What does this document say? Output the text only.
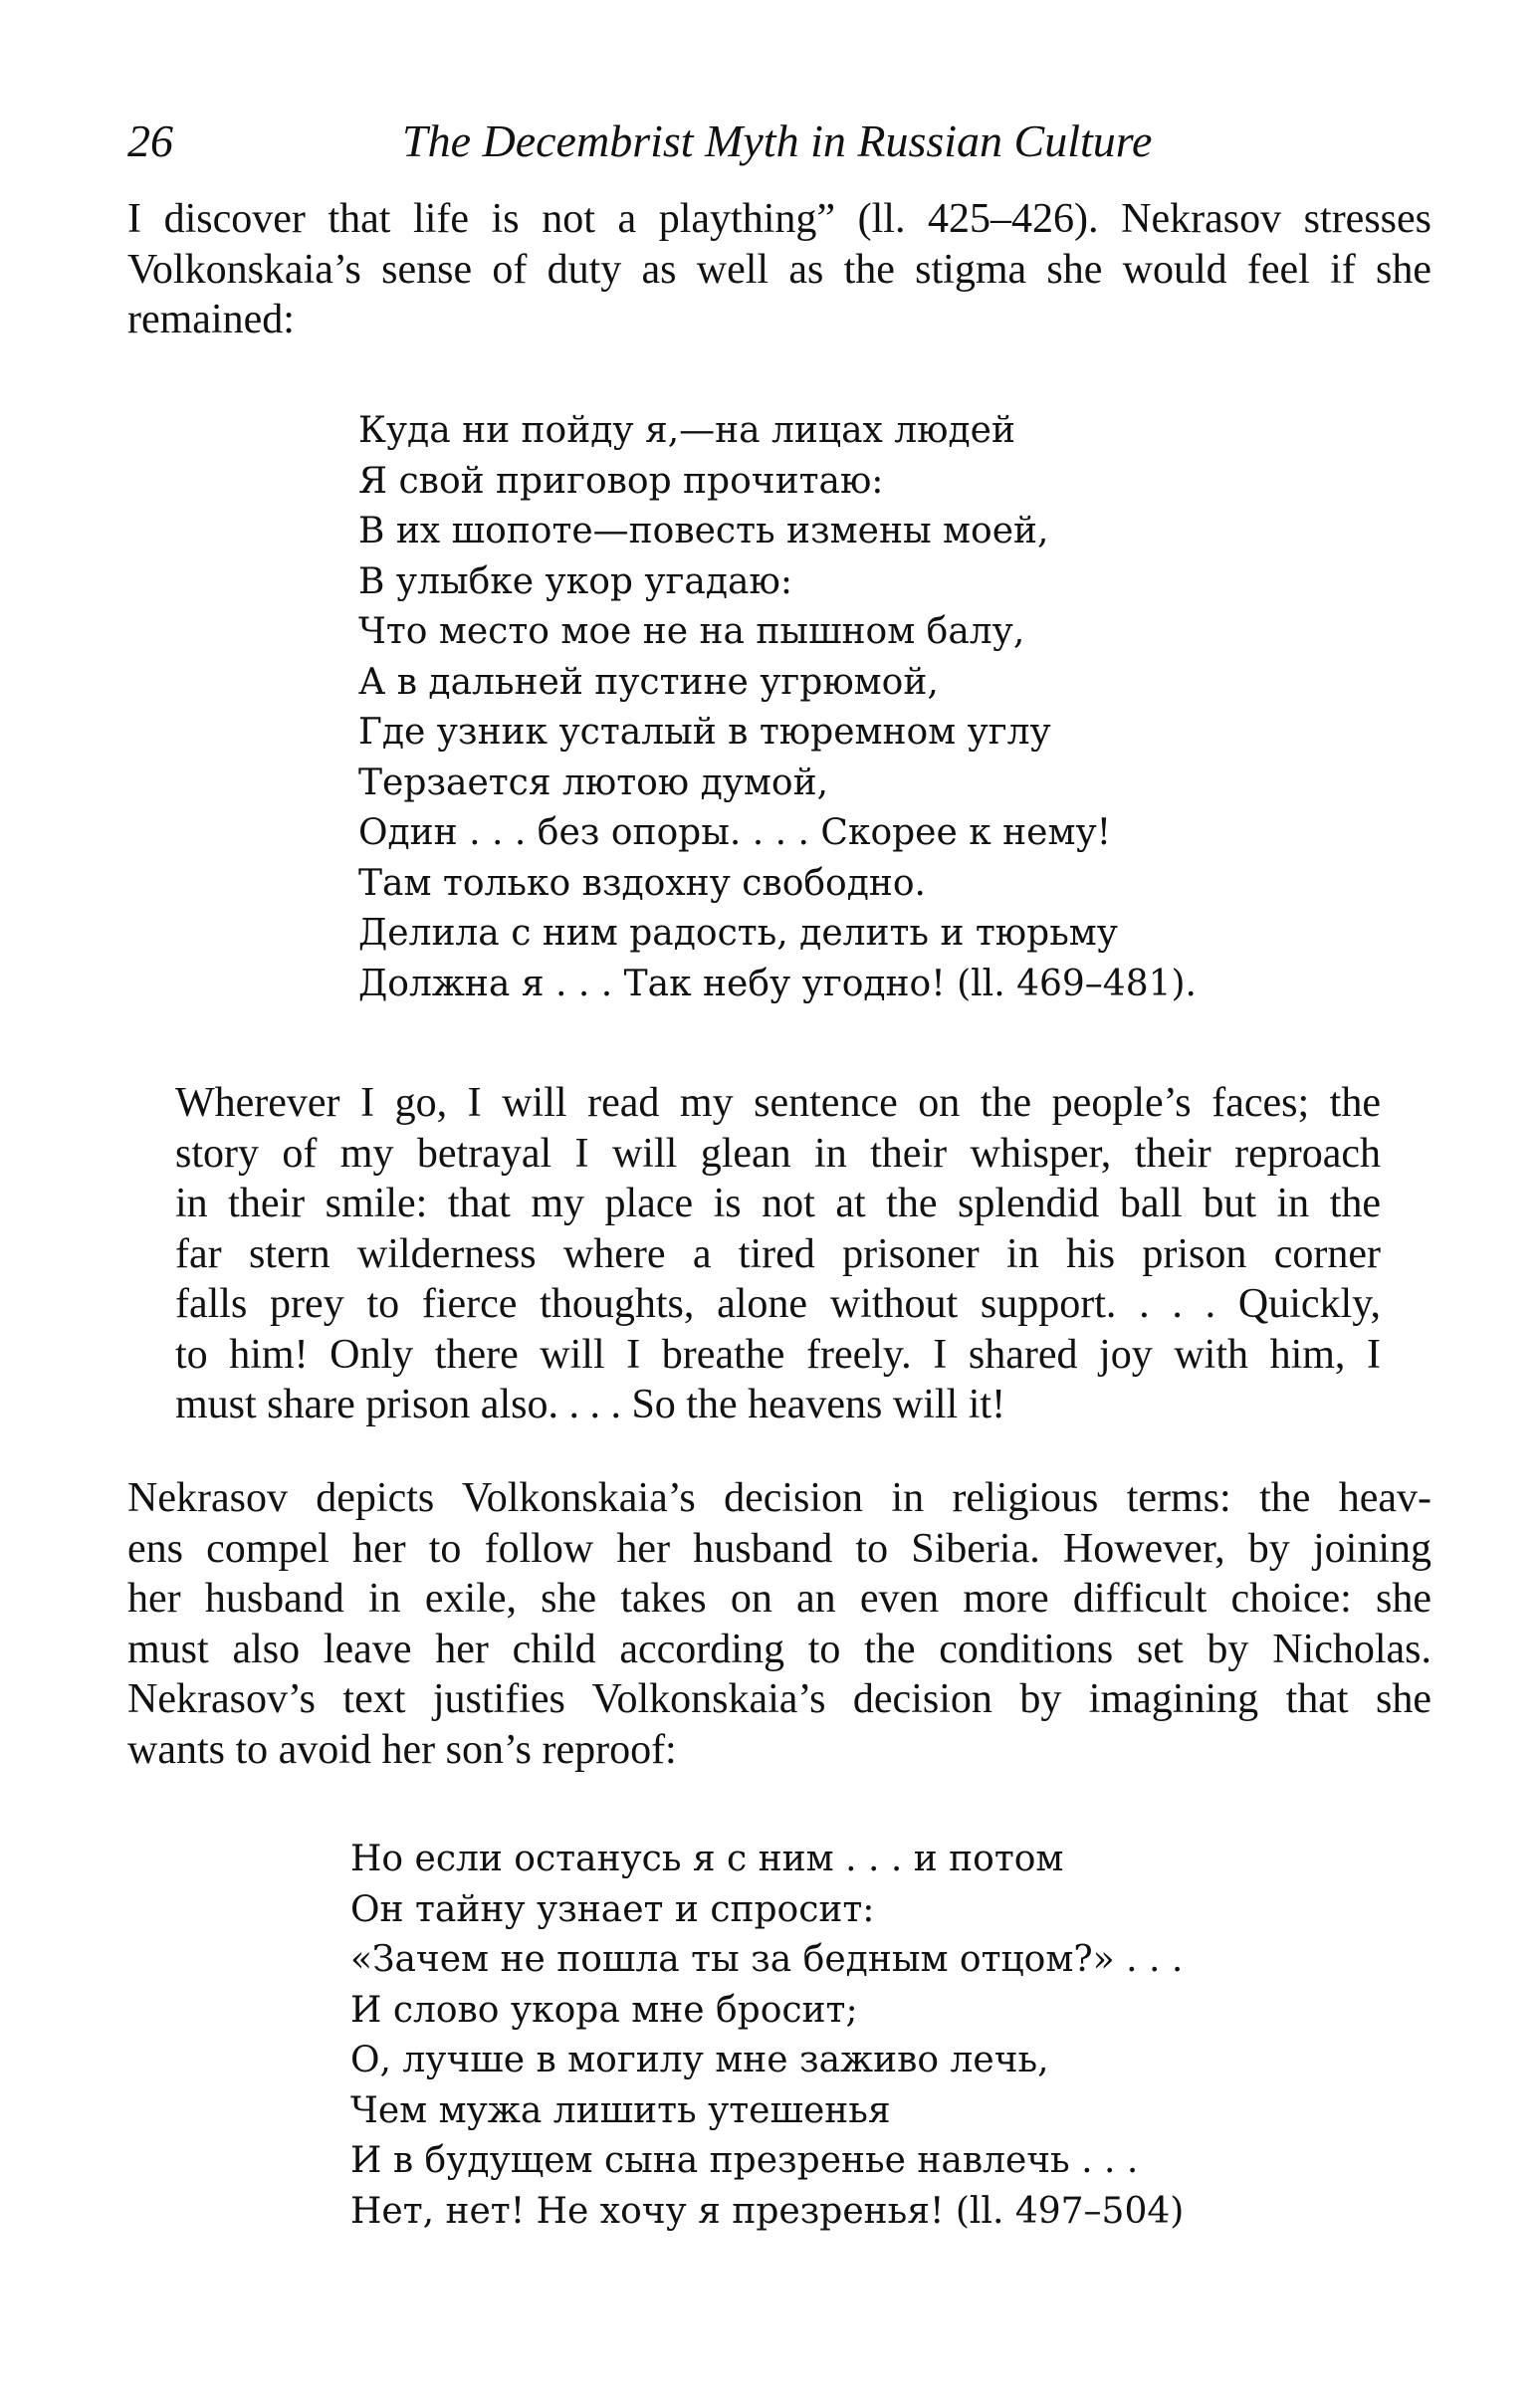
26	The Decembrist Myth in Russian Culture
I discover that life is not a plaything” (ll. 425–426). Nekrasov stresses
Volkonskaia’s sense of duty as well as the stigma she would feel if she
remained:
Куда ни пойду я,—на лицах людей
Я свой приговор прочитаю:
В их шопоте—повесть измены моей,
В улыбке укор угадаю:
Что место мое не на пышном балу,
А в дальней пустине угрюмой,
Где узник усталый в тюремном углу
Терзается лютою думой,
Один . . . без опоры. . . . Скорее к нему!
Там только вздохну свободно.
Делила с ним радость, делить и тюрьму
Должна я . . . Так небу угодно! (ll. 469–481).
Wherever I go, I will read my sentence on the people’s faces; the
story of my betrayal I will glean in their whisper, their reproach
in their smile: that my place is not at the splendid ball but in the
far stern wilderness where a tired prisoner in his prison corner
falls prey to fierce thoughts, alone without support. . . . Quickly,
to him! Only there will I breathe freely. I shared joy with him, I
must share prison also. . . . So the heavens will it!
Nekrasov depicts Volkonskaia’s decision in religious terms: the heav-
ens compel her to follow her husband to Siberia. However, by joining
her husband in exile, she takes on an even more difficult choice: she
must also leave her child according to the conditions set by Nicholas.
Nekrasov’s text justifies Volkonskaia’s decision by imagining that she
wants to avoid her son’s reproof:
Но если останусь я с ним . . . и потом
Он тайну узнает и спросит:
«Зачем не пошла ты за бедным отцом?» . . .
И слово укора мне бросит;
О, лучше в могилу мне заживо лечь,
Чем мужа лишить утешенья
И в будущем сына презренье навлечь . . .
Нет, нет! Не хочу я презренья! (ll. 497–504)
